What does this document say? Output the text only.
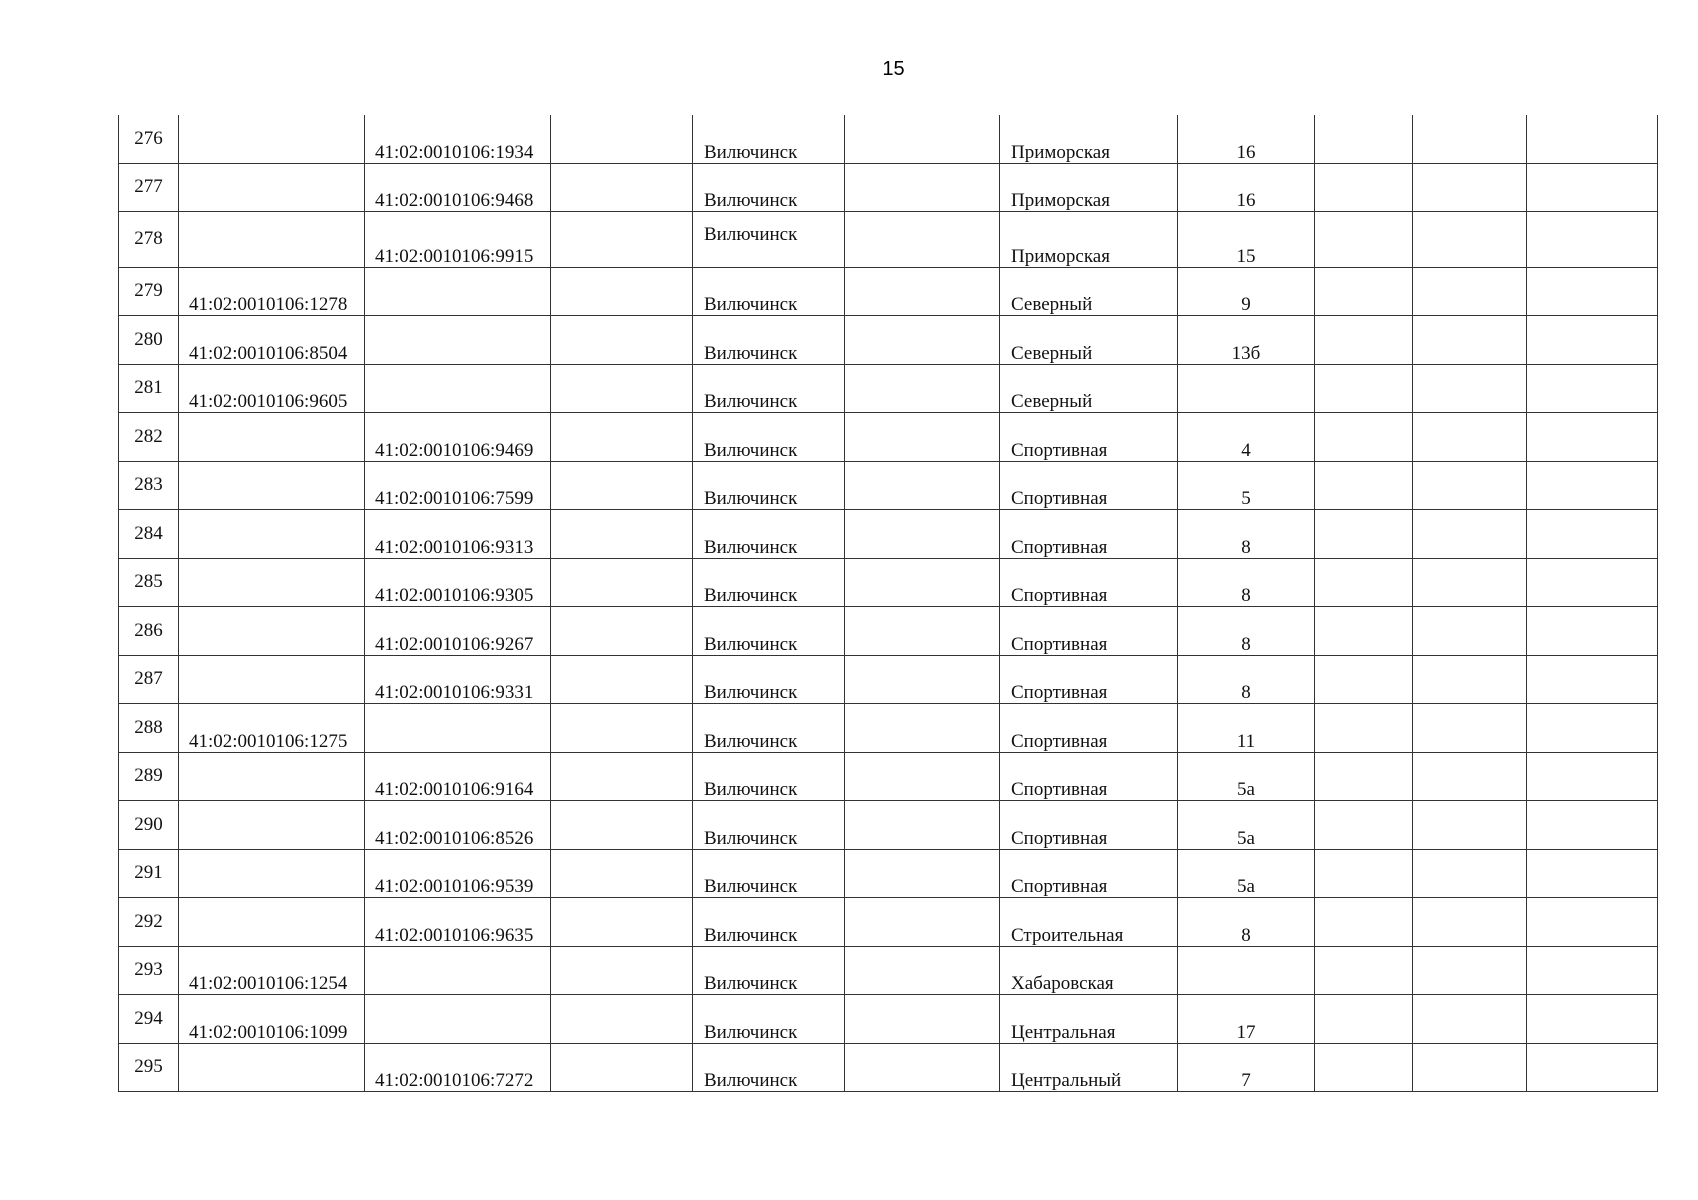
15
276		41:02:0010106:1934		Вилючинск		Приморская	16			
277		41:02:0010106:9468		Вилючинск		Приморская	16			
278		41:02:0010106:9915		Вилючинск		Приморская	15			
279	41:02:0010106:1278			Вилючинск		Северный	9			
280	41:02:0010106:8504			Вилючинск		Северный	13б			
281	41:02:0010106:9605			Вилючинск		Северный				
282		41:02:0010106:9469		Вилючинск		Спортивная	4			
283		41:02:0010106:7599		Вилючинск		Спортивная	5			
284		41:02:0010106:9313		Вилючинск		Спортивная	8			
285		41:02:0010106:9305		Вилючинск		Спортивная	8			
286		41:02:0010106:9267		Вилючинск		Спортивная	8			
287		41:02:0010106:9331		Вилючинск		Спортивная	8			
288	41:02:0010106:1275			Вилючинск		Спортивная	11			
289		41:02:0010106:9164		Вилючинск		Спортивная	5а			
290		41:02:0010106:8526		Вилючинск		Спортивная	5а			
291		41:02:0010106:9539		Вилючинск		Спортивная	5а			
292		41:02:0010106:9635		Вилючинск		Строительная	8			
293	41:02:0010106:1254			Вилючинск		Хабаровская				
294	41:02:0010106:1099			Вилючинск		Центральная	17			
295		41:02:0010106:7272		Вилючинск		Центральный	7			
